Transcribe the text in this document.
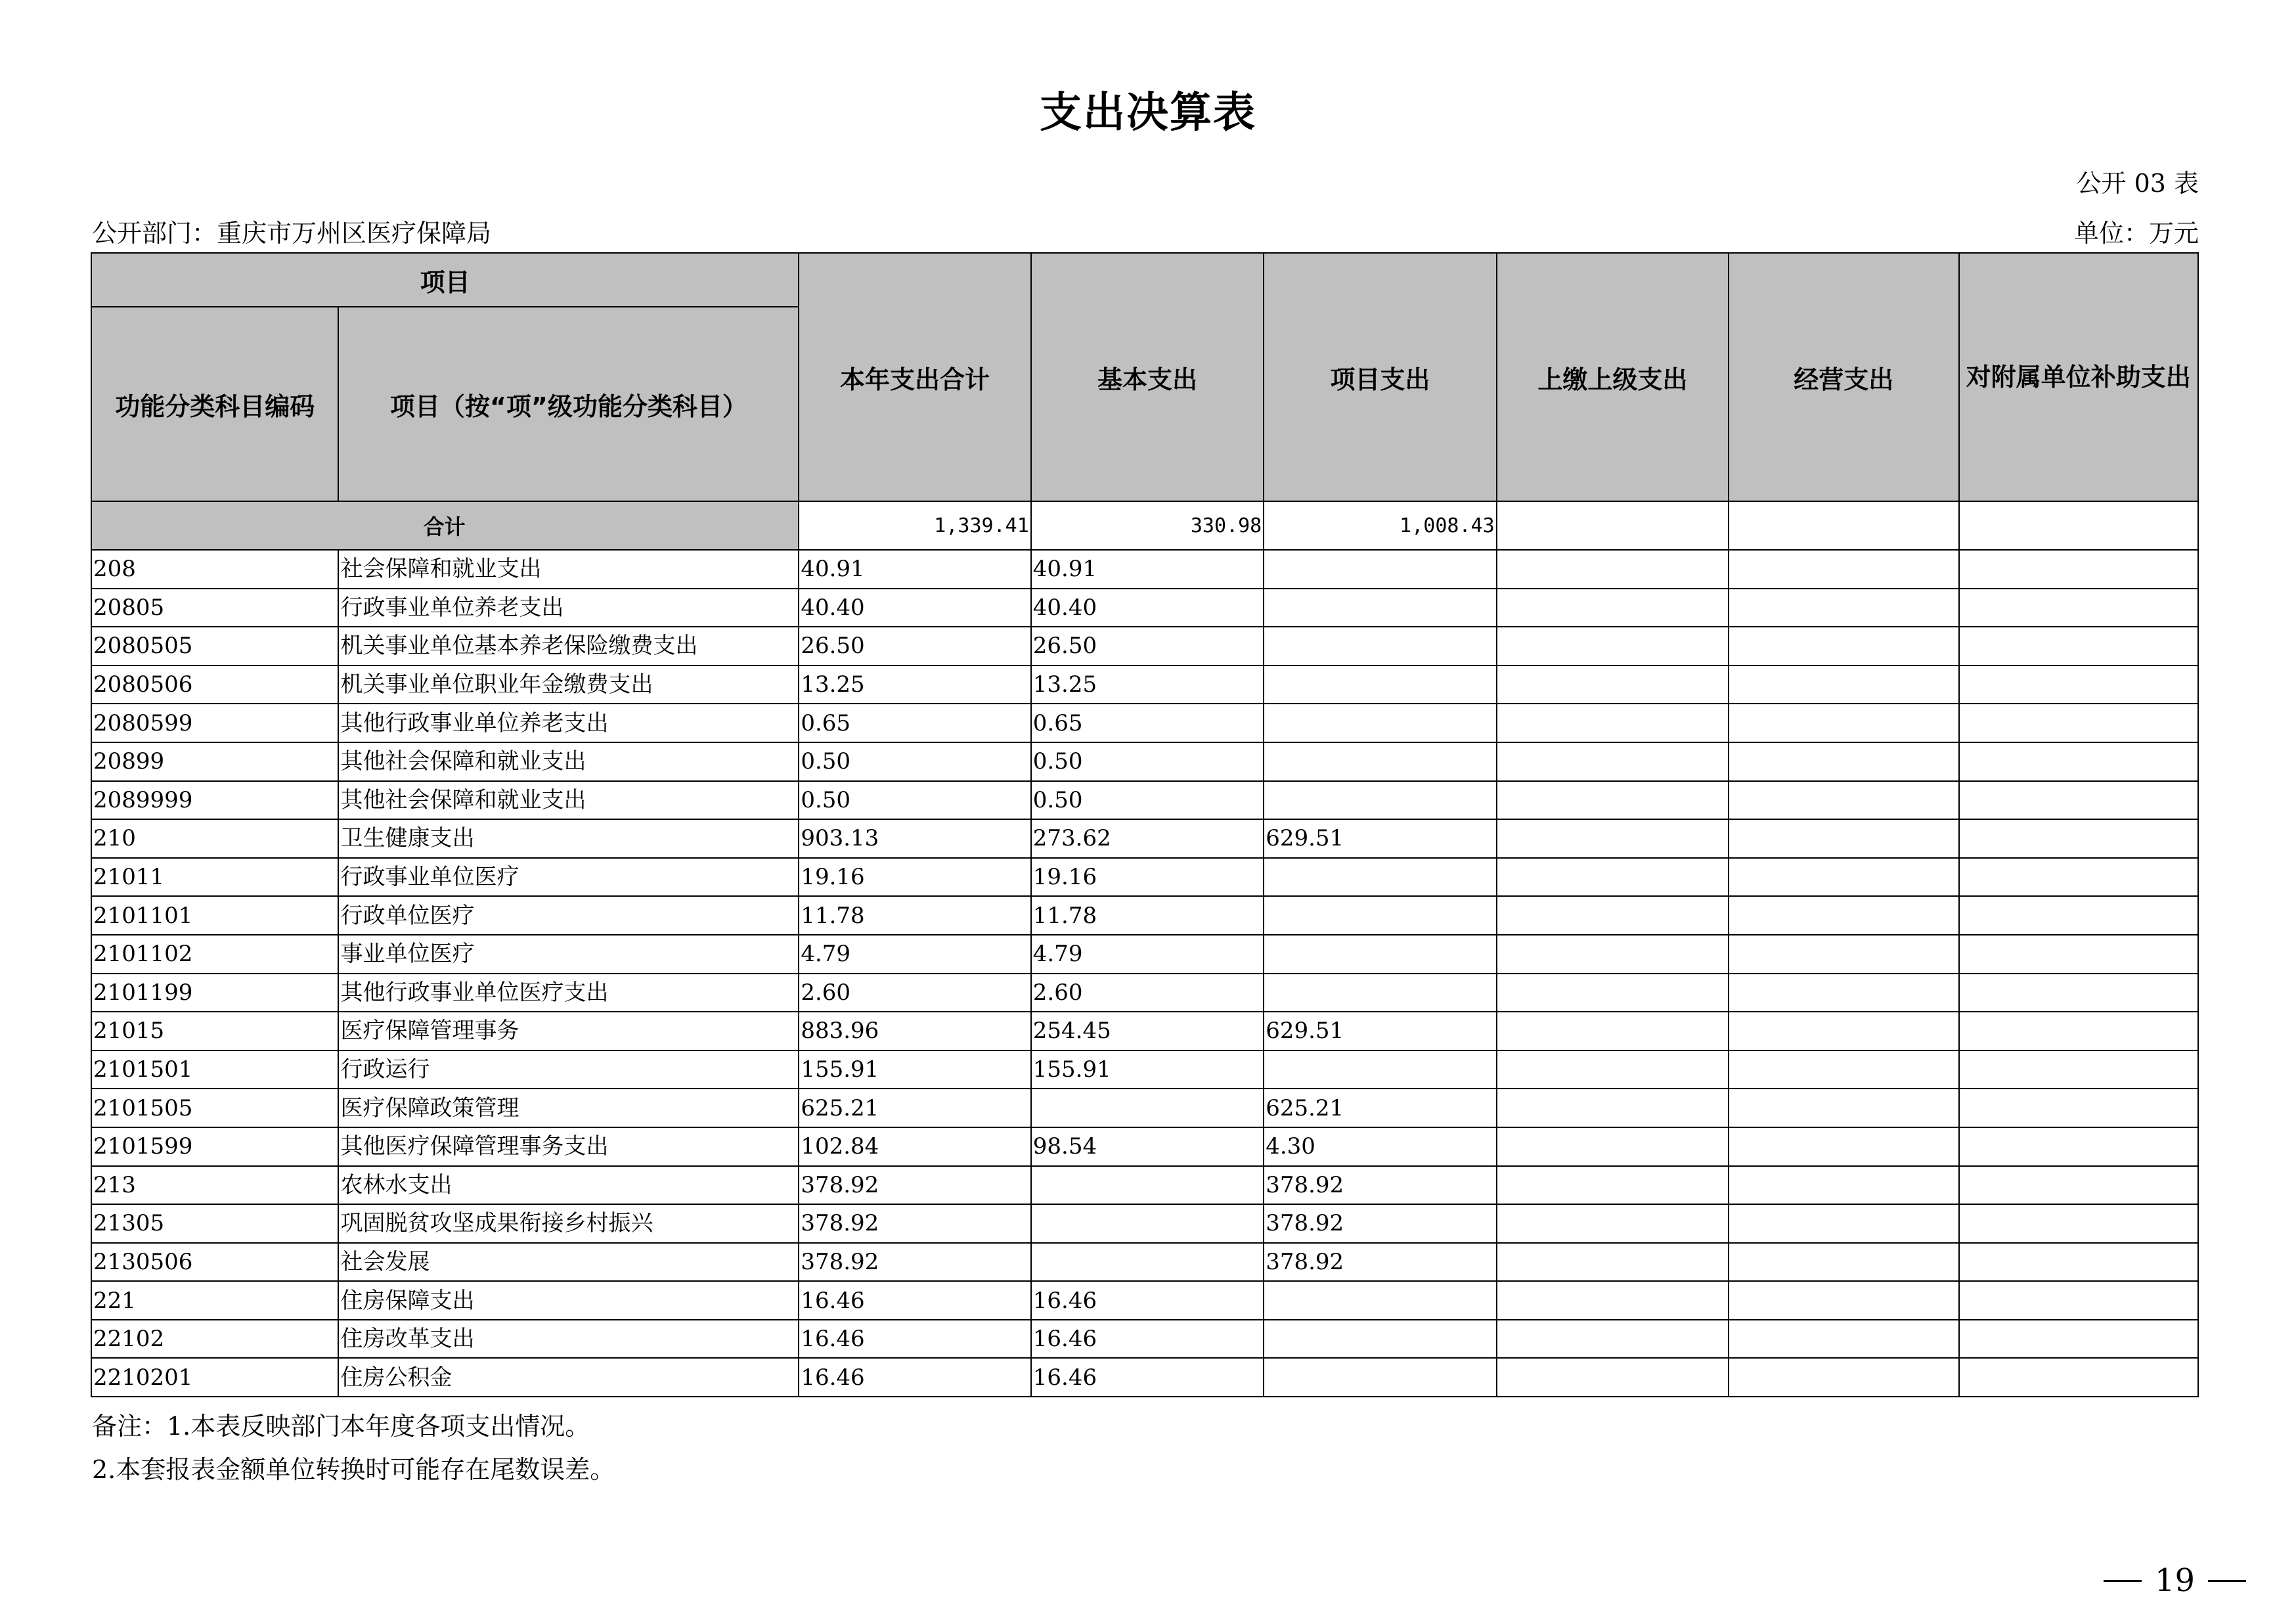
支出决算表
公开 03 表
公开部门：重庆市万州区医疗保障局	单位：万元
项目		本年支出合计	基本支出	项目支出	上缴上级支出	经营支出	对附属单位补助支出
功能分类科目编码	项目（按“项”级功能分类科目）						
合计		1,339.41	330.98	1,008.43			
208	社会保障和就业支出	40.91	40.91				
20805	行政事业单位养老支出	40.40	40.40				
2080505	机关事业单位基本养老保险缴费支出	26.50	26.50				
2080506	机关事业单位职业年金缴费支出	13.25	13.25				
2080599	其他行政事业单位养老支出	0.65	0.65				
20899	其他社会保障和就业支出	0.50	0.50				
2089999	其他社会保障和就业支出	0.50	0.50				
210	卫生健康支出	903.13	273.62	629.51			
21011	行政事业单位医疗	19.16	19.16				
2101101	行政单位医疗	11.78	11.78				
2101102	事业单位医疗	4.79	4.79				
2101199	其他行政事业单位医疗支出	2.60	2.60				
21015	医疗保障管理事务	883.96	254.45	629.51			
2101501	行政运行	155.91	155.91				
2101505	医疗保障政策管理	625.21		625.21			
2101599	其他医疗保障管理事务支出	102.84	98.54	4.30			
213	农林水支出	378.92		378.92			
21305	巩固脱贫攻坚成果衔接乡村振兴	378.92		378.92			
2130506	社会发展	378.92		378.92			
221	住房保障支出	16.46	16.46				
22102	住房改革支出	16.46	16.46				
2210201	住房公积金	16.46	16.46				
备注：1.本表反映部门本年度各项支出情况。
2.本套报表金额单位转换时可能存在尾数误差。
19
